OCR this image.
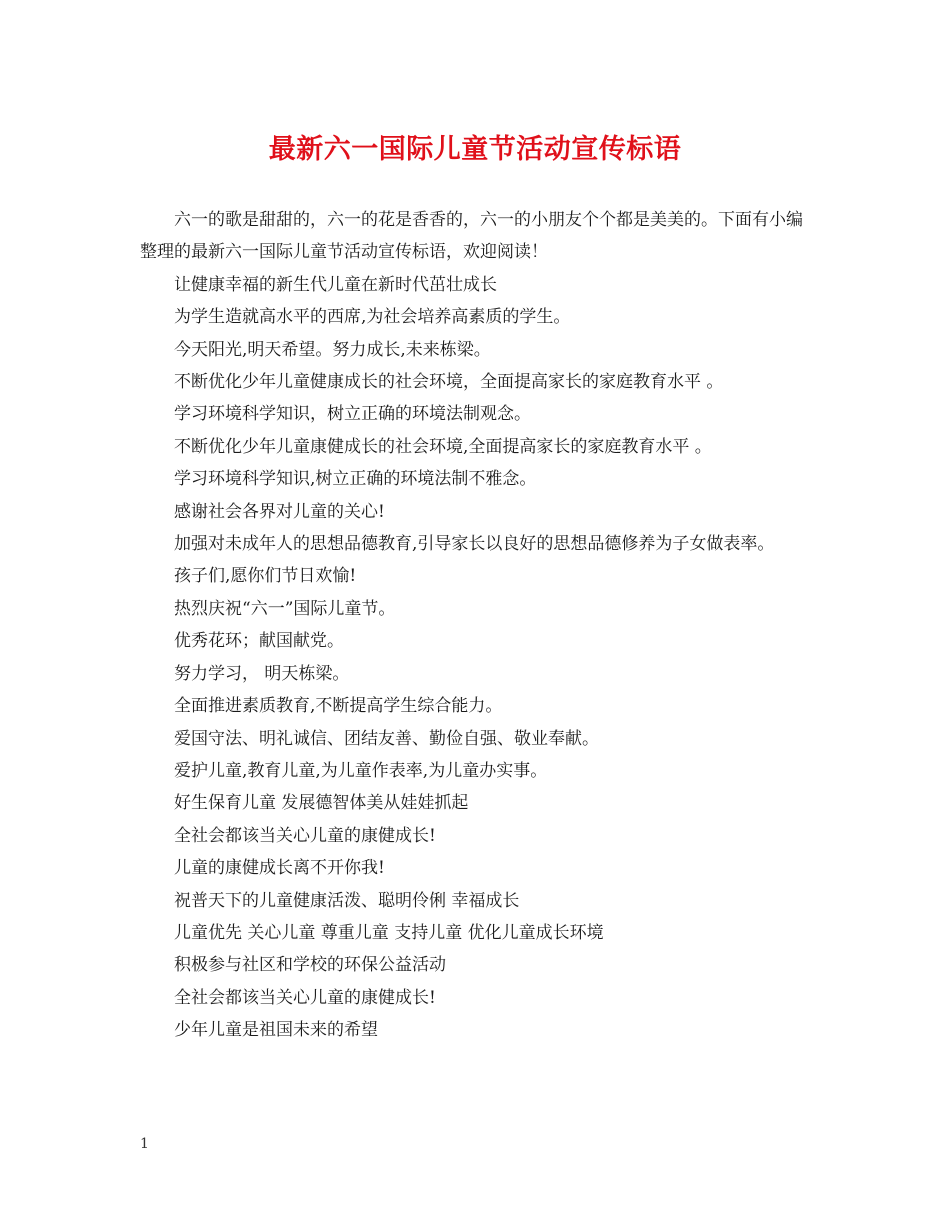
最新六一国际儿童节活动宣传标语

六一的歌是甜甜的，六一的花是香香的，六一的小朋友个个都是美美的。下面有小编整理的最新六一国际儿童节活动宣传标语，欢迎阅读！

让健康幸福的新生代儿童在新时代茁壮成长

为学生造就高水平的西席,为社会培养高素质的学生。

今天阳光,明天希望。努力成长,未来栋梁。

不断优化少年儿童健康成长的社会环境，全面提高家长的家庭教育水平 。

学习环境科学知识，树立正确的环境法制观念。

不断优化少年儿童康健成长的社会环境,全面提高家长的家庭教育水平 。

学习环境科学知识,树立正确的环境法制不雅念。

感谢社会各界对儿童的关心!

加强对未成年人的思想品德教育,引导家长以良好的思想品德修养为子女做表率。

孩子们,愿你们节日欢愉!

热烈庆祝“六一”国际儿童节。

优秀花环；献国献党。

努力学习， 明天栋梁。

全面推进素质教育,不断提高学生综合能力。

爱国守法、明礼诚信、团结友善、勤俭自强、敬业奉献。

爱护儿童,教育儿童,为儿童作表率,为儿童办实事。

好生保育儿童 发展德智体美从娃娃抓起

全社会都该当关心儿童的康健成长!

儿童的康健成长离不开你我!

祝普天下的儿童健康活泼、聪明伶俐 幸福成长

儿童优先 关心儿童 尊重儿童 支持儿童 优化儿童成长环境

积极参与社区和学校的环保公益活动

全社会都该当关心儿童的康健成长!

少年儿童是祖国未来的希望

1
